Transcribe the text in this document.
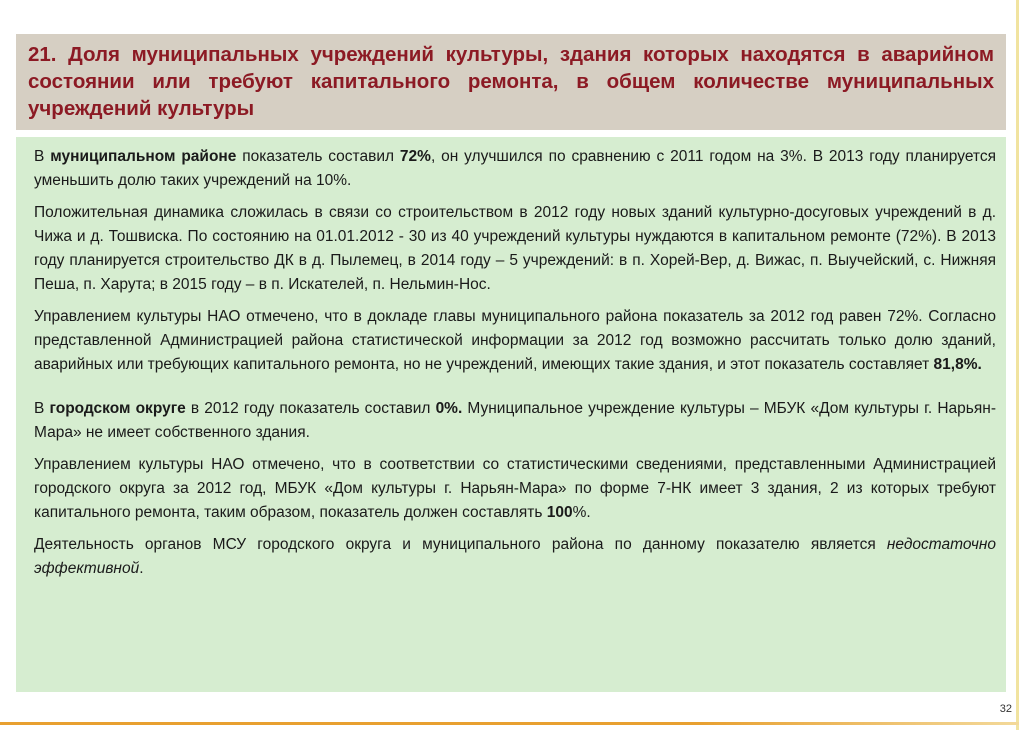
21. Доля муниципальных учреждений культуры, здания которых находятся в аварийном состоянии или требуют капитального ремонта, в общем количестве муниципальных учреждений культуры

В муниципальном районе показатель составил 72%, он улучшился по сравнению с 2011 годом на 3%. В 2013 году планируется уменьшить долю таких учреждений на 10%.

Положительная динамика сложилась в связи со строительством в 2012 году новых зданий культурно-досуговых учреждений в д. Чижа и д. Тошвиска. По состоянию на 01.01.2012 - 30 из 40 учреждений культуры нуждаются в капитальном ремонте (72%). В 2013 году планируется строительство ДК в д. Пылемец, в 2014 году – 5 учреждений: в п. Хорей-Вер, д. Вижас, п. Выучейский, с. Нижняя Пеша, п. Харута; в 2015 году – в п. Искателей, п. Нельмин-Нос.

Управлением культуры НАО отмечено, что в докладе главы муниципального района показатель за 2012 год равен 72%. Согласно представленной Администрацией района статистической информации за 2012 год возможно рассчитать только долю зданий, аварийных или требующих капитального ремонта, но не учреждений, имеющих такие здания, и этот показатель составляет 81,8%.

В городском округе в 2012 году показатель составил 0%. Муниципальное учреждение культуры – МБУК «Дом культуры г. Нарьян-Мара» не имеет собственного здания.

Управлением культуры НАО отмечено, что в соответствии со статистическими сведениями, представленными Администрацией городского округа за 2012 год, МБУК «Дом культуры г. Нарьян-Мара» по форме 7-НК имеет 3 здания, 2 из которых требуют капитального ремонта, таким образом, показатель должен составлять 100%.

Деятельность органов МСУ городского округа и муниципального района по данному показателю является недостаточно эффективной.

32
